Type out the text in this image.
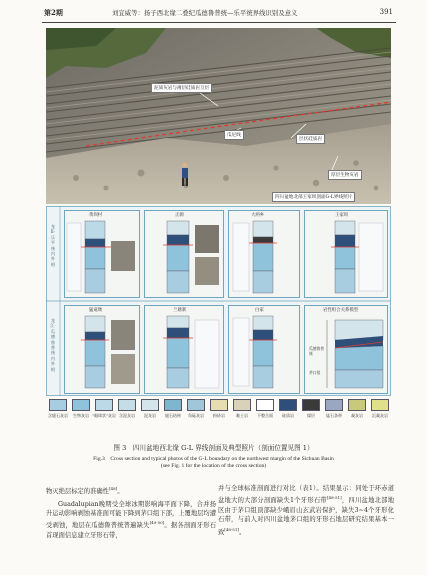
第2期	刘宜威等：扬子西北缘二叠纪瓜德鲁普统—乐平统界线识别及意义	391
泥质灰岩与薄层硅质岩互层
瓜尼线
层状硅质岩
厚层生物灰岩
四川盆地北部王家坝剖面G-L界线照片
龙Ⅱ·乐平统内外相
龙江·瓜德鲁普统内外相
黄坝村	正源	大两乡	王家坝
猛竜坳	兰塘寨	白家	岩性组合关系模型
瓜德鲁普统
茅口组
含燧石灰岩	生物灰岩 "眼球状"灰岩 含泥灰岩	泥灰岩	燧石结核	角砾灰岩	粉砂岩	黏土岩	不整合面	硅质岩	煤层	锰石条带	凝灰岩	沉凝灰岩
图 3　四川盆地西北缘 G-L 界线剖面及典型照片（剖面位置见图 1）
Fig.3　Cross section and typical photos of the G-L boundary on the northwest margin of the Sichuan Basin
(see Fig. 1 for the location of the cross section)

物灭绝层标定的准确性[48]。

Guadalupian晚期受全球冰期影响海平面下降，合并扬升运动影响剥蚀基准面可能下降到茅口组下部，上覆地层均遭受剥蚀，地层在瓜德鲁普统普遍缺失[49-50]。据各剖面牙形石首现面信息建立牙形石带，

并与全球标准剖面进行对比（表1）。结果显示：同处于环赤道盆地大的大部分剖面缺失1个牙形石带[48-51]，四川盆地北部地区由于茅口组顶部缺少峨眉山玄武岩保护，缺失3~4个牙形化石带，与前人对四川盆地茅口组的牙形石地层研究结果基本一致[48-51]。
